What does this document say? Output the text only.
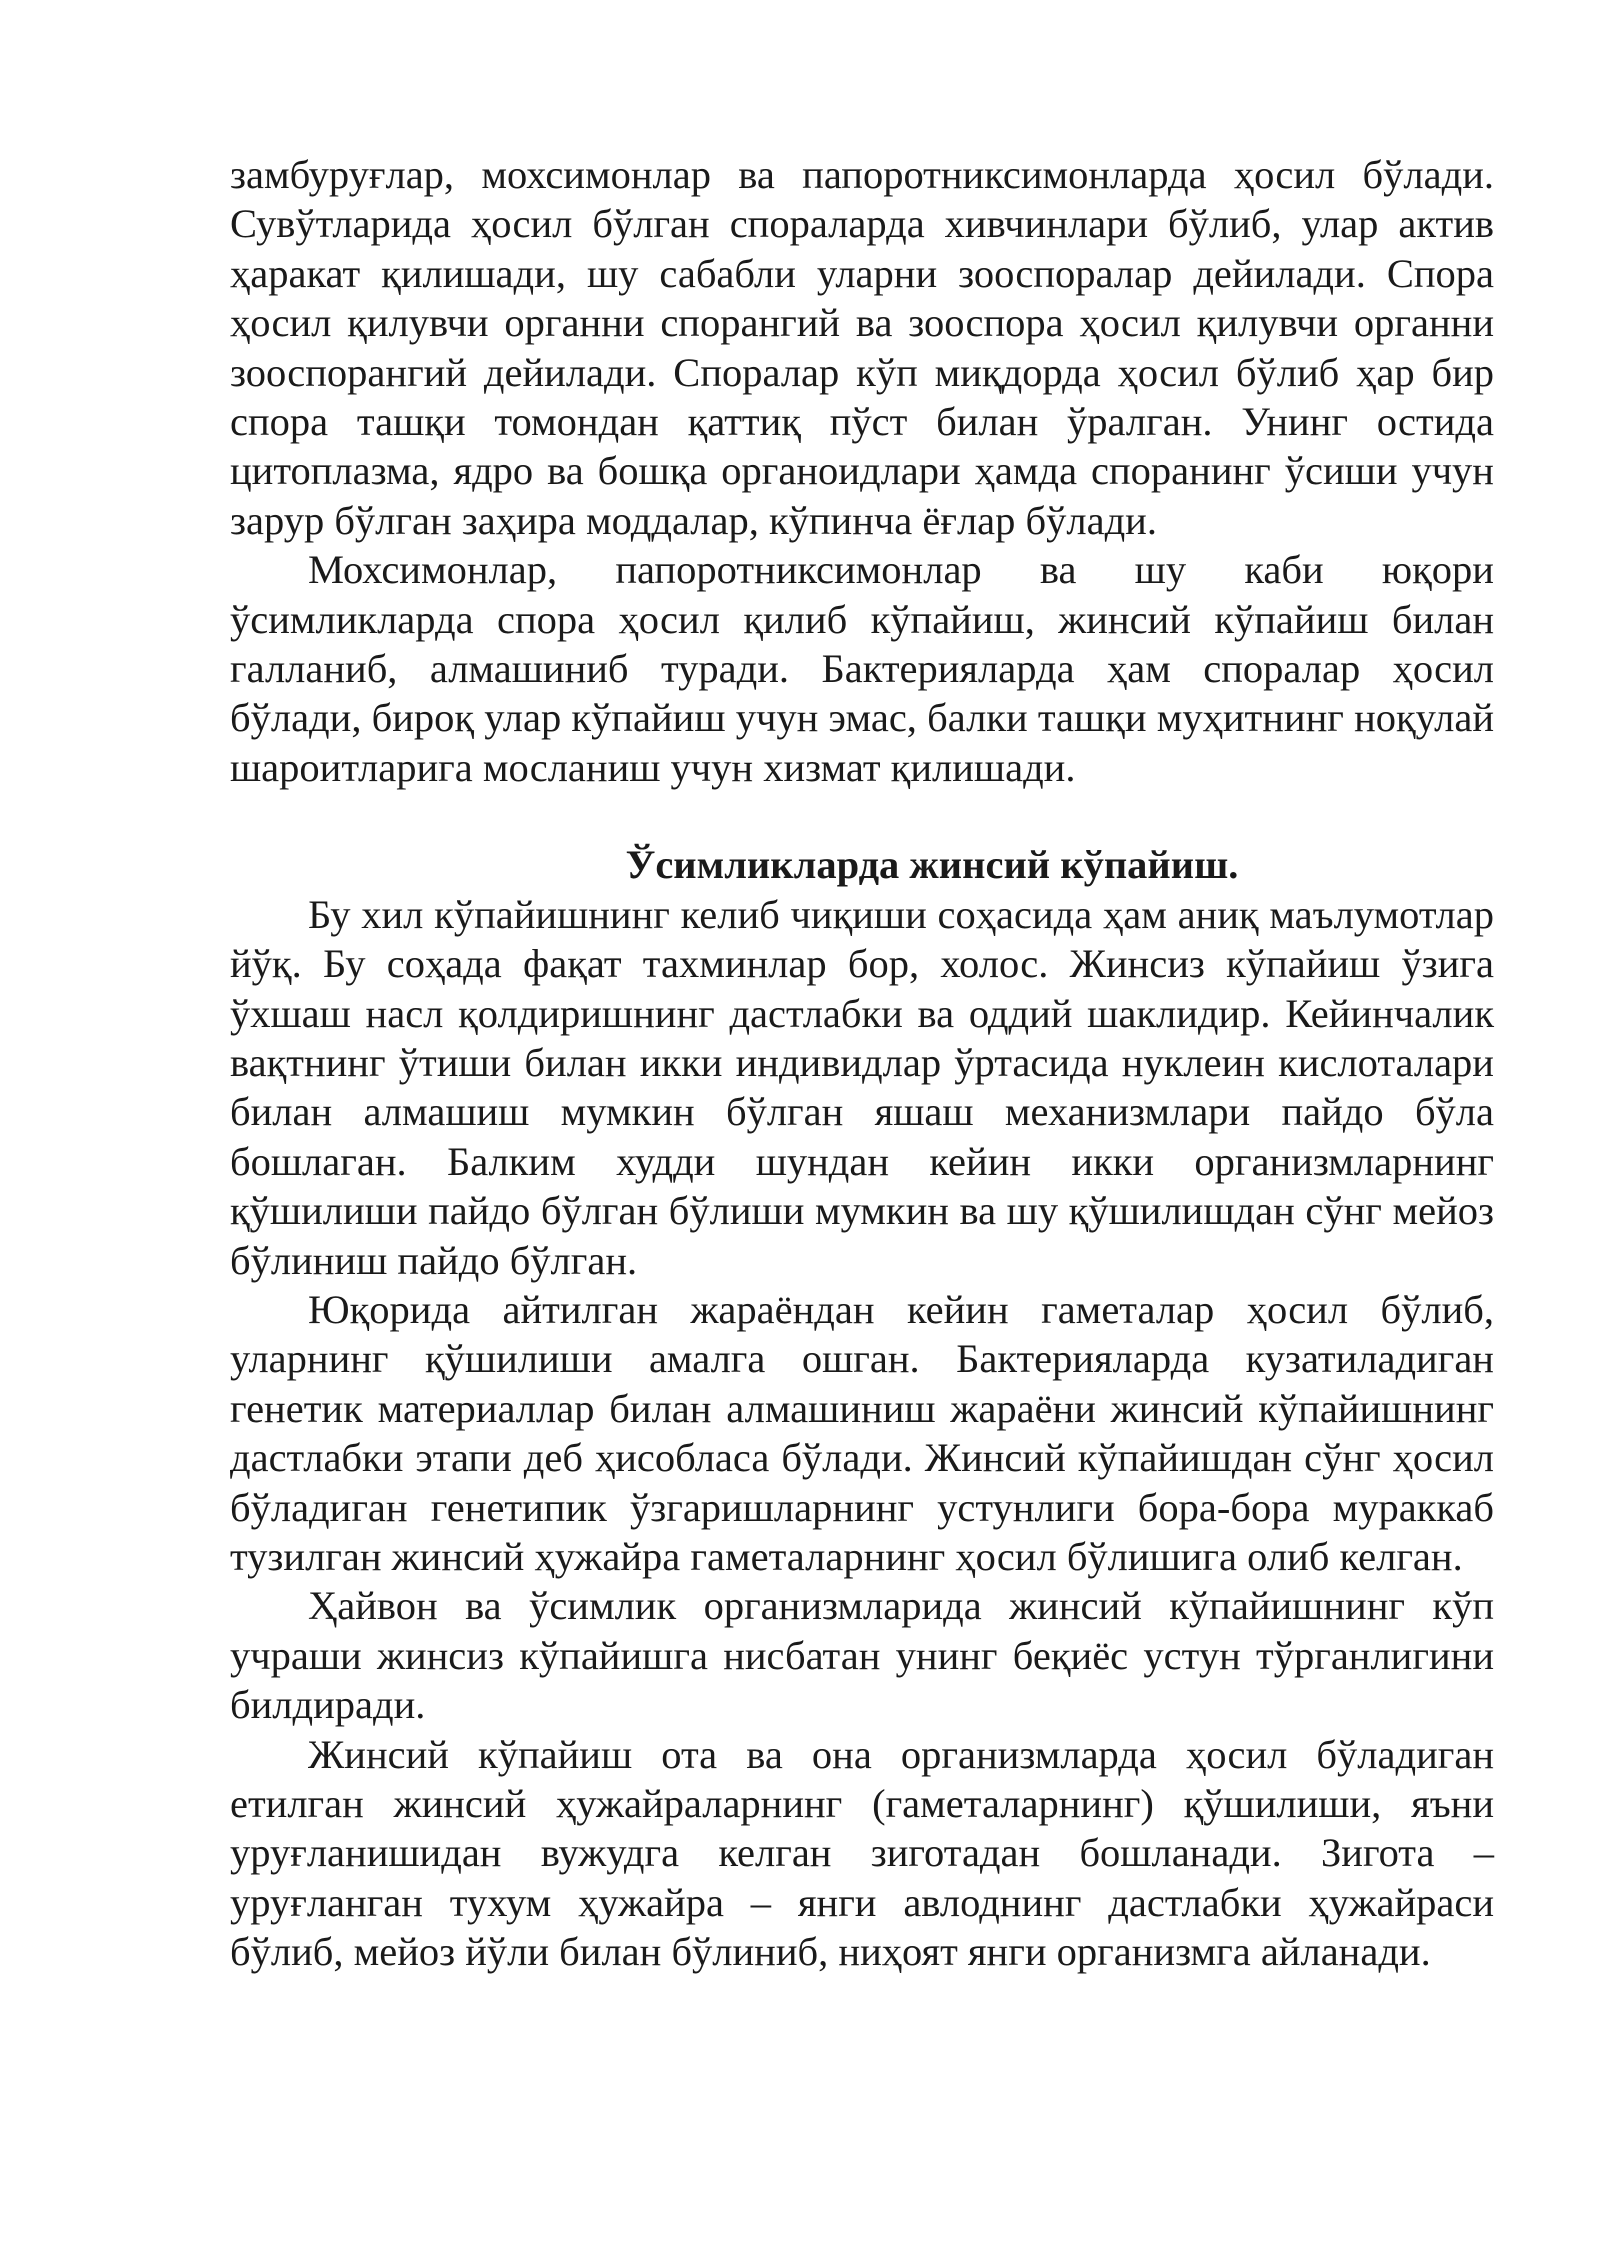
замбуруғлар, мохсимонлар ва папоротниксимонларда ҳосил бўлади. Сувўтларида ҳосил бўлган спораларда хивчинлари бўлиб, улар актив ҳаракат қилишади, шу сабабли уларни зооспоралар дейилади. Спора ҳосил қилувчи органни спорангий ва зооспора ҳосил қилувчи органни зооспорангий дейилади. Споралар кўп миқдорда ҳосил бўлиб ҳар бир спора ташқи томондан қаттиқ пўст билан ўралган. Унинг остида цитоплазма, ядро ва бошқа органоидлари ҳамда споранинг ўсиши учун зарур бўлган заҳира моддалар, кўпинча ёғлар бўлади.

Мохсимонлар, папоротниксимонлар ва шу каби юқори ўсимликларда спора ҳосил қилиб кўпайиш, жинсий кўпайиш билан галланиб, алмашиниб туради. Бактерияларда ҳам споралар ҳосил бўлади, бироқ улар кўпайиш учун эмас, балки ташқи муҳитнинг ноқулай шароитларига мосланиш учун хизмат қилишади.

Ўсимликларда жинсий кўпайиш.

Бу хил кўпайишнинг келиб чиқиши соҳасида ҳам аниқ маълумотлар йўқ. Бу соҳада фақат тахминлар бор, холос. Жинсиз кўпайиш ўзига ўхшаш насл қолдиришнинг дастлабки ва оддий шаклидир. Кейинчалик вақтнинг ўтиши билан икки индивидлар ўртасида нуклеин кислоталари билан алмашиш мумкин бўлган яшаш механизмлари пайдо бўла бошлаган. Балким худди шундан кейин икки организмларнинг қўшилиши пайдо бўлган бўлиши мумкин ва шу қўшилишдан сўнг мейоз бўлиниш пайдо бўлган.

Юқорида айтилган жараёндан кейин гаметалар ҳосил бўлиб, уларнинг қўшилиши амалга ошган. Бактерияларда кузатиладиган генетик материаллар билан алмашиниш жараёни жинсий кўпайишнинг дастлабки этапи деб ҳисобласа бўлади. Жинсий кўпайишдан сўнг ҳосил бўладиган генетипик ўзгаришларнинг устунлиги бора-бора мураккаб тузилган жинсий ҳужайра гаметаларнинг ҳосил бўлишига олиб келган.

Ҳайвон ва ўсимлик организмларида жинсий кўпайишнинг кўп учраши жинсиз кўпайишга нисбатан унинг беқиёс устун тўрганлигини билдиради.

Жинсий кўпайиш ота ва она организмларда ҳосил бўладиган етилган жинсий ҳужайраларнинг (гаметаларнинг) қўшилиши, яъни уруғланишидан вужудга келган зиготадан бошланади. Зигота – уруғланган тухум ҳужайра – янги авлоднинг дастлабки ҳужайраси бўлиб, мейоз йўли билан бўлиниб, ниҳоят янги организмга айланади.
